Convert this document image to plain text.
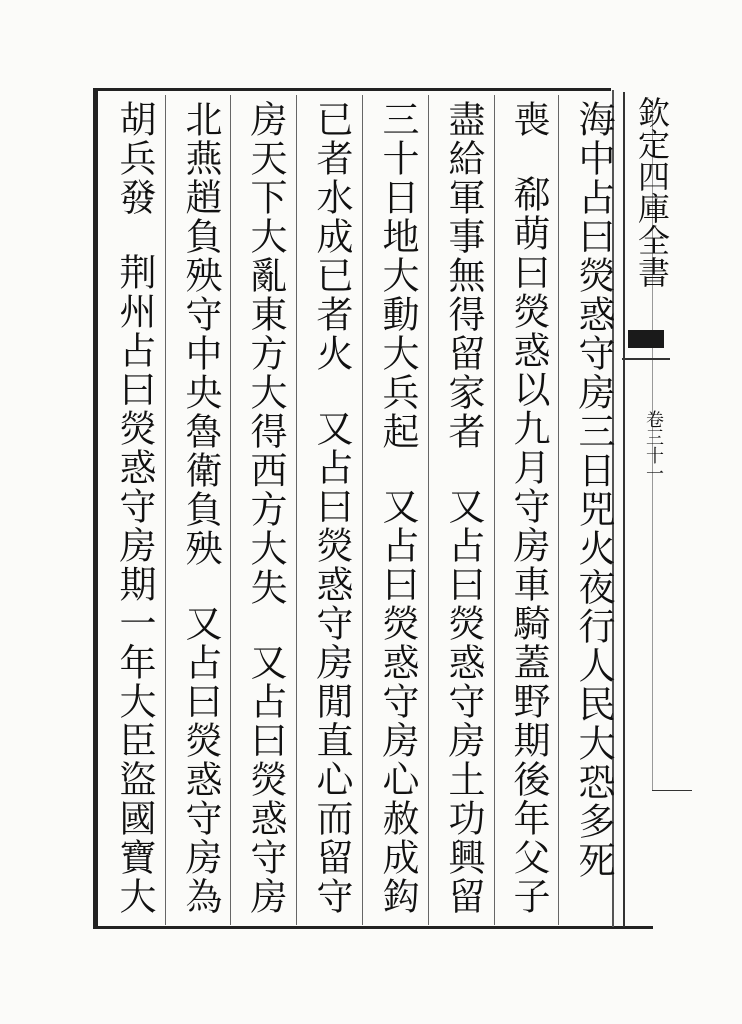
海中占曰熒惑守房三日兕火夜行人民大恐多死
喪郗萌曰熒惑以九月守房車騎蓋野期後年父子
盡給軍事無得留家者又占曰熒惑守房土功興留
三十日地大動大兵起又占曰熒惑守房心赦成鈎
已者水成已者火又占曰熒惑守房閒直心而留守
房天下大亂東方大得西方大失又占曰熒惑守房
北燕趙負殃守中央魯衛負殃又占曰熒惑守房為
胡兵發荆州占曰熒惑守房期一年大臣盜國寶大
欽定四庫全書
卷三十一
